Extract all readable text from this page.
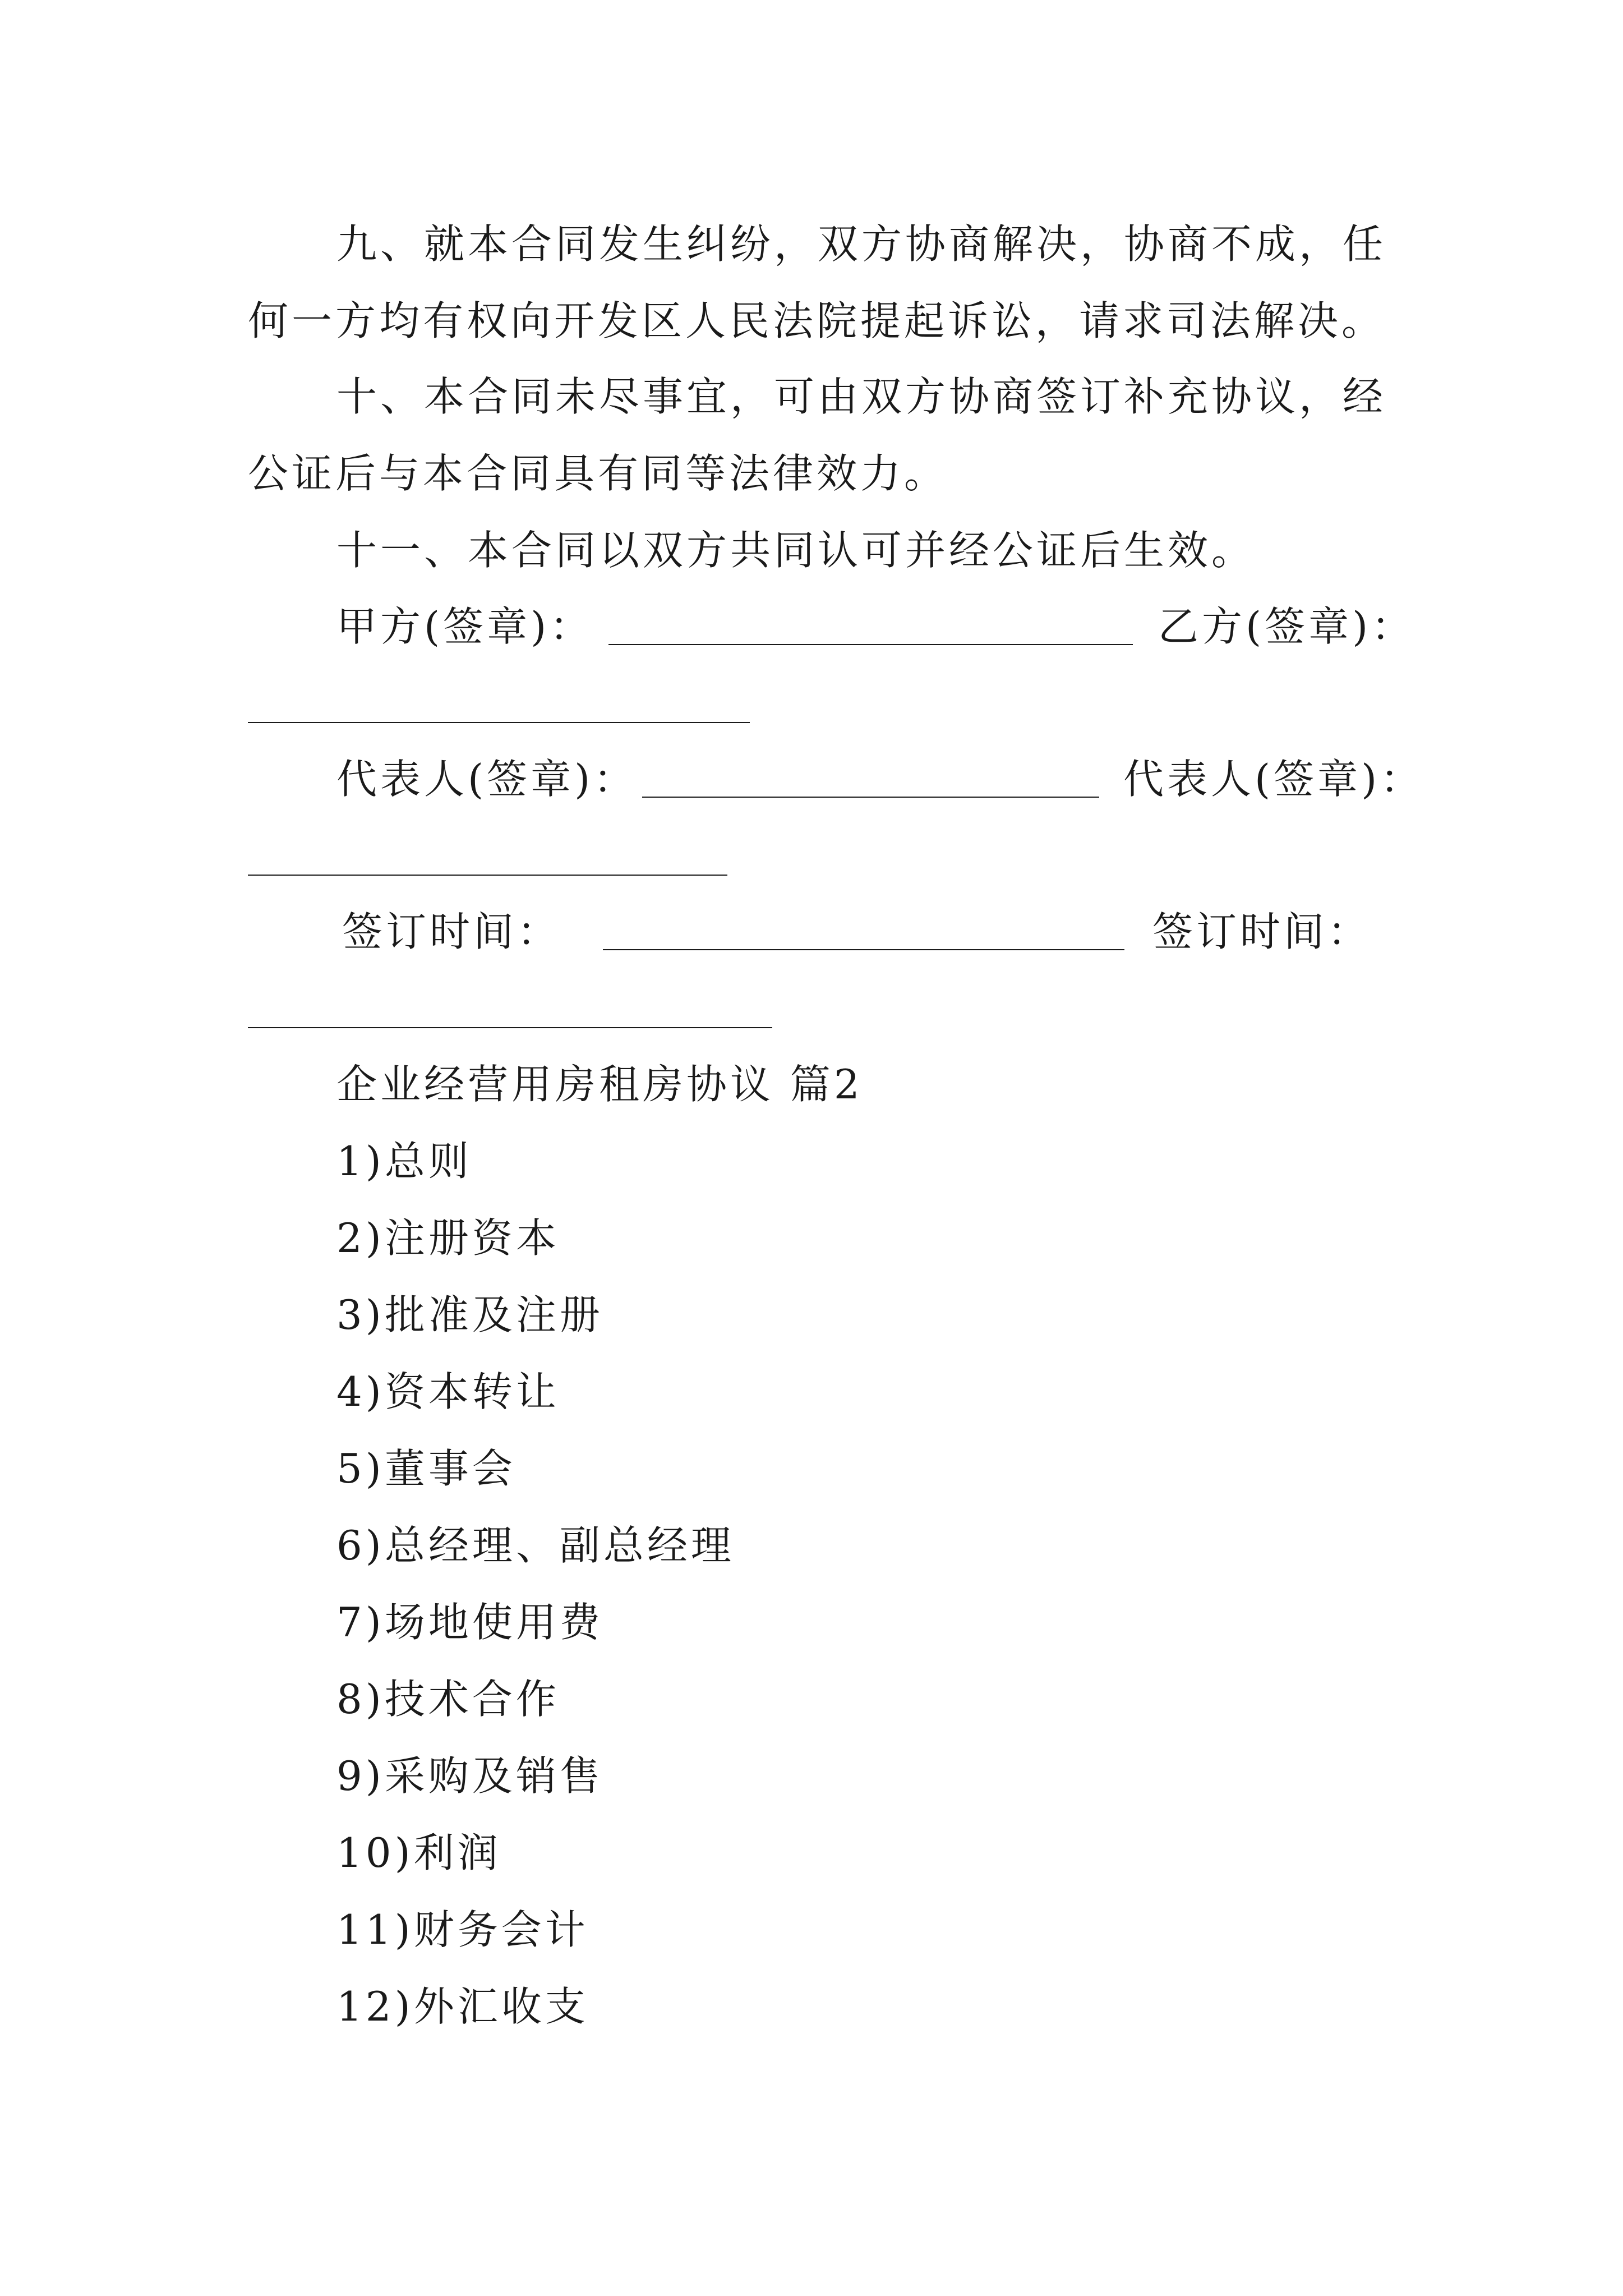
九、就本合同发生纠纷，双方协商解决，协商不成，任
何一方均有权向开发区人民法院提起诉讼，请求司法解决。
十、本合同未尽事宜，可由双方协商签订补充协议，经
公证后与本合同具有同等法律效力。
十一、本合同以双方共同认可并经公证后生效。
甲方(签章)：	乙方(签章)：
代表人(签章)：	代表人(签章)：
签订时间：	签订时间：
企业经营用房租房协议 篇2
1)总则
2)注册资本
3)批准及注册
4)资本转让
5)董事会
6)总经理、副总经理
7)场地使用费
8)技术合作
9)采购及销售
10)利润
11)财务会计
12)外汇收支
